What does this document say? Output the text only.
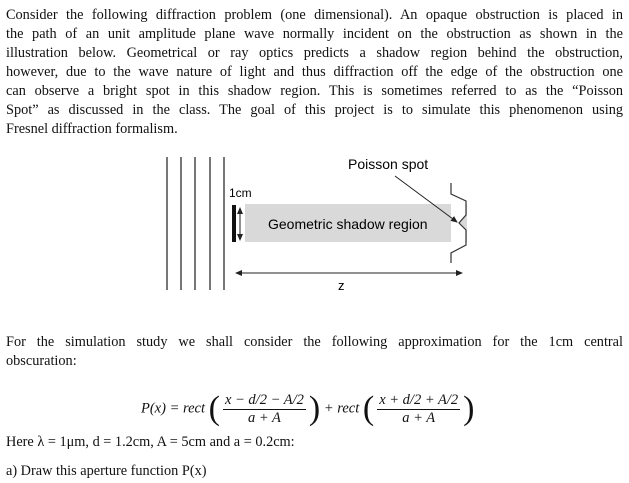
Consider the following diffraction problem (one dimensional). An opaque obstruction is placed in
the path of an unit amplitude plane wave normally incident on the obstruction as shown in the
illustration below. Geometrical or ray optics predicts a shadow region behind the obstruction,
however, due to the wave nature of light and thus diffraction off the edge of the obstruction one
can observe a bright spot in this shadow region. This is sometimes referred to as the “Poisson
Spot” as discussed in the class. The goal of this project is to simulate this phenomenon using
Fresnel diffraction formalism.
Poisson spot
1cm
Geometric shadow region
z
For the simulation study we shall consider the following approximation for the 1cm central
obscuration:
P(x) = rect ( $\frac{x - d/2 - A/2}{a + A}$ ) + rect ( $\frac{x + d/2 + A/2}{a + A}$ )
Here λ = 1μm, d = 1.2cm, A = 5cm and a = 0.2cm:
a) Draw this aperture function P(x)
